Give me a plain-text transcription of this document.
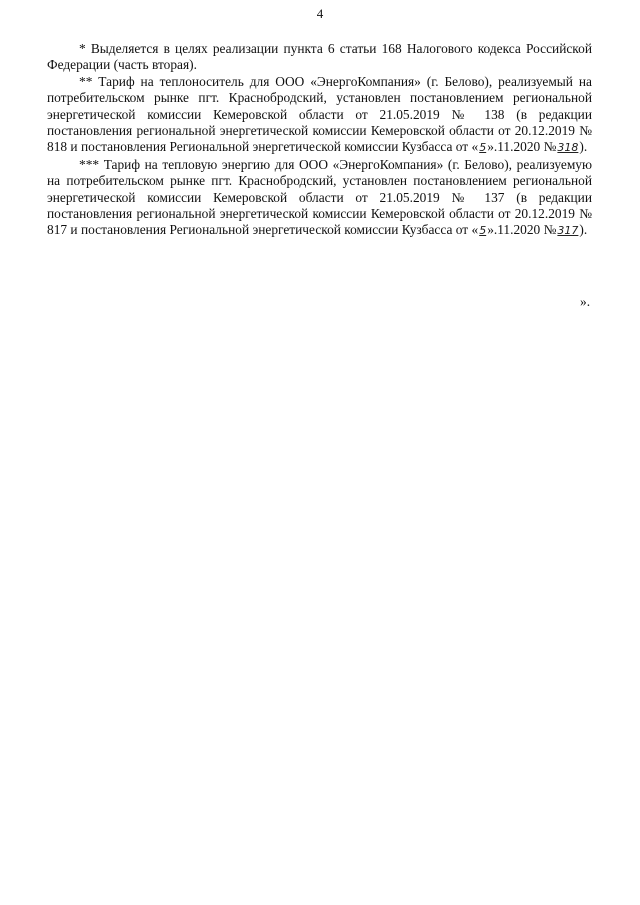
4

* Выделяется в целях реализации пункта 6 статьи 168 Налогового кодекса Российской Федерации (часть вторая).

** Тариф на теплоноситель для ООО «ЭнергоКомпания» (г. Белово), реализуемый на потребительском рынке пгт. Краснобродский, установлен постановлением региональной энергетической комиссии Кемеровской области от 21.05.2019 № 138 (в редакции постановления региональной энергетической комиссии Кемеровской области от 20.12.2019 № 818 и постановления Региональной энергетической комиссии Кузбасса от «5».11.2020 №318).

*** Тариф на тепловую энергию для ООО «ЭнергоКомпания» (г. Белово), реализуемую на потребительском рынке пгт. Краснобродский, установлен постановлением региональной энергетической комиссии Кемеровской области от 21.05.2019 № 137 (в редакции постановления региональной энергетической комиссии Кемеровской области от 20.12.2019 № 817 и постановления Региональной энергетической комиссии Кузбасса от «5».11.2020 №317).

».
